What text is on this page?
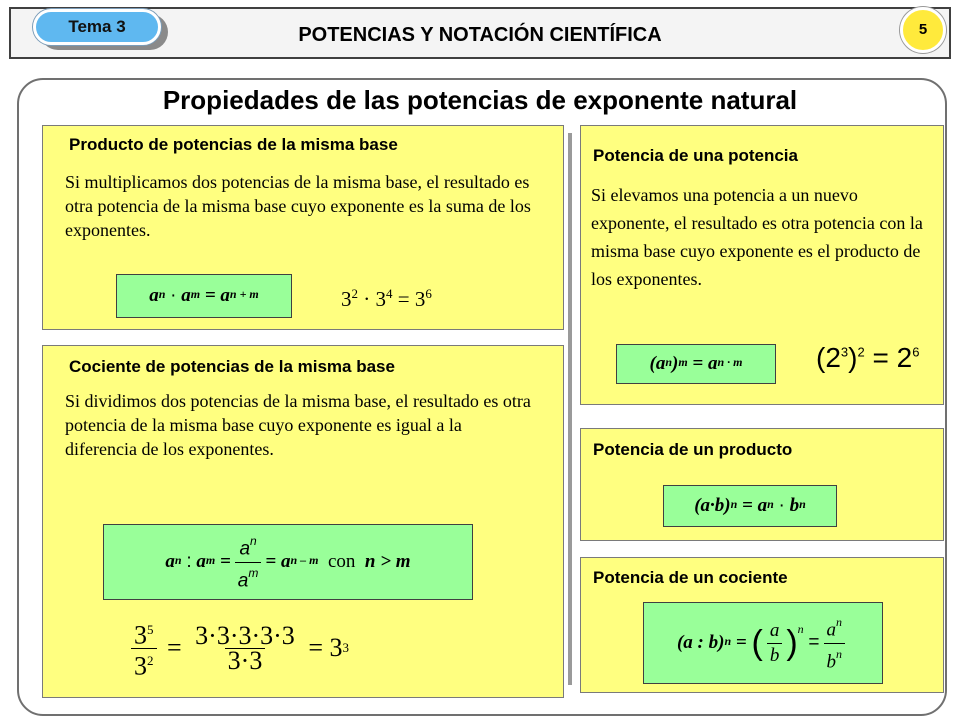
POTENCIAS Y NOTACIÓN CIENTÍFICA
Tema 3	5
Propiedades de las potencias de exponente natural
Producto de potencias de la misma base
Si multiplicamos dos potencias de la misma base, el resultado es otra potencia de la misma base cuyo exponente es la suma de los exponentes.
$a^n$
·
$a^m$
=
$a^{n + m}$	$3^2 \cdot 3^4 = 3^6$
Cociente de potencias de la misma base
Si dividimos dos potencias de la misma base, el resultado es otra potencia de la misma base cuyo exponente es igual a la diferencia de los exponentes.
$a^n$
:
$a^m$
= $\frac{a^n}{a^m}$ =
$a^{n - m}$
con
n > m
$\frac{3^5}{3^2}$
=
$\frac{3\cdot 3\cdot 3\cdot 3\cdot 3}{3\cdot 3}$
=
3 3
Potencia de una potencia
Si elevamos una potencia a un nuevo exponente, el resultado es otra potencia con la misma base cuyo exponente es el producto de los exponentes.
( $a^n$ )$^m$
=
$a^{n \cdot m}$	$(2^3)^2 = 2^6$
Potencia de un producto
$(a\cdot b)^n$
=
$a^n$
·
$b^n$
Potencia de un cociente
(a : b)$^n$
=
( $\frac{a}{b} )^n$

= $\frac{a^n}{b^n}$
